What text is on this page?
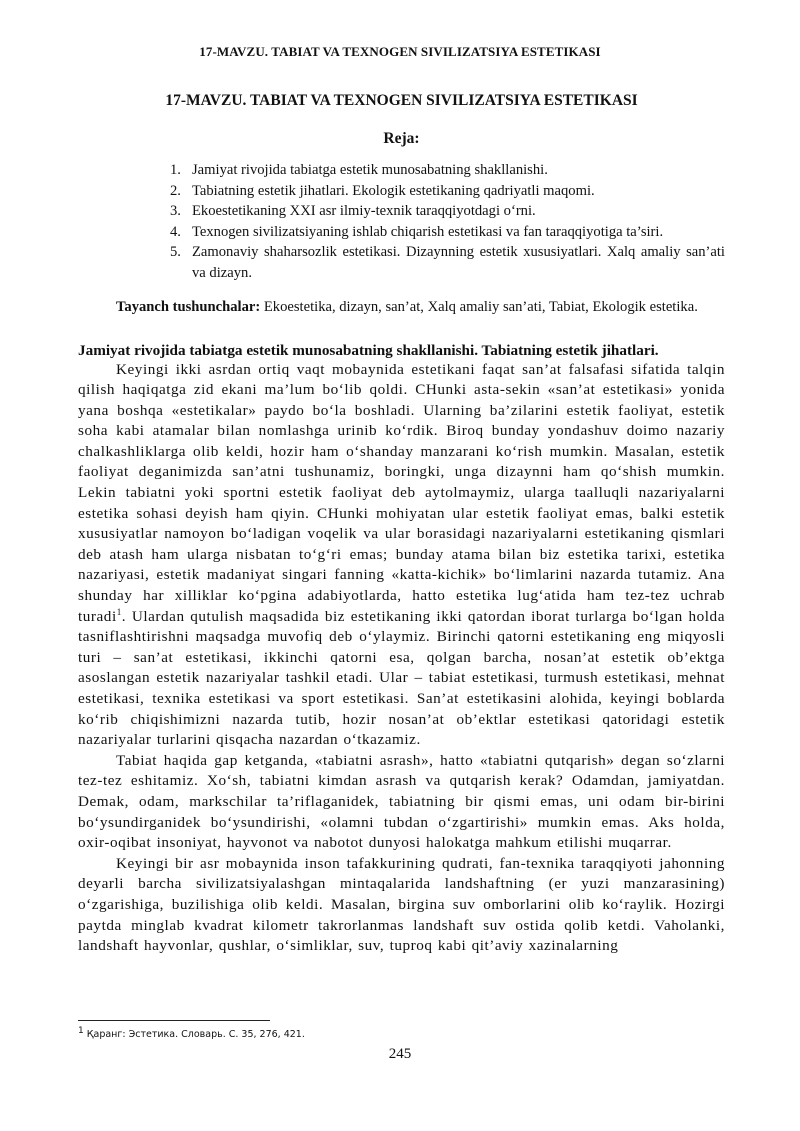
17-MAVZU. TABIAT VA TEXNOGEN SIVILIZATSIYA ESTETIKASI
17-MAVZU. TABIAT VA TEXNOGEN SIVILIZATSIYA ESTETIKASI
Reja:
1. Jamiyat rivojida tabiatga estetik munosabatning shakllanishi.
2. Tabiatning estetik jihatlari. Ekologik estetikaning qadriyatli maqomi.
3. Ekoestetikaning XXI asr ilmiy-texnik taraqqiyotdagi o‘rni.
4. Texnogen sivilizatsiyaning ishlab chiqarish estetikasi va fan taraqqiyotiga ta’siri.
5. Zamonaviy shaharsozlik estetikasi. Dizaynning estetik xususiyatlari. Xalq amaliy san’ati va dizayn.

Tayanch tushunchalar: Ekoestetika, dizayn, san’at, Xalq amaliy san’ati, Tabiat, Ekologik estetika.

Jamiyat rivojida tabiatga estetik munosabatning shakllanishi. Tabiatning estetik jihatlari.

Keyingi ikki asrdan ortiq vaqt mobaynida estetikani faqat san’at falsafasi sifatida talqin qilish haqiqatga zid ekani ma’lum bo‘lib qoldi. CHunki asta-sekin «san’at estetikasi» yonida yana boshqa «estetikalar» paydo bo‘la boshladi. Ularning ba’zilarini estetik faoliyat, estetik soha kabi atamalar bilan nomlashga urinib ko‘rdik. Biroq bunday yondashuv doimo nazariy chalkashliklarga olib keldi, hozir ham o‘shanday manzarani ko‘rish mumkin. Masalan, estetik faoliyat deganimizda san’atni tushunamiz, boringki, unga dizaynni ham qo‘shish mumkin. Lekin tabiatni yoki sportni estetik faoliyat deb aytolmaymiz, ularga taalluqli nazariyalarni estetika sohasi deyish ham qiyin. CHunki mohiyatan ular estetik faoliyat emas, balki estetik xususiyatlar namoyon bo‘ladigan voqelik va ular borasidagi nazariyalarni estetikaning qismlari deb atash ham ularga nisbatan to‘g‘ri emas; bunday atama bilan biz estetika tarixi, estetika nazariyasi, estetik madaniyat singari fanning «katta-kichik» bo‘limlarini nazarda tutamiz. Ana shunday har xilliklar ko‘pgina adabiyotlarda, hatto estetika lug‘atida ham tez-tez uchrab turadi$^1$. Ulardan qutulish maqsadida biz estetikaning ikki qatordan iborat turlarga bo‘lgan holda tasniflashtirishni maqsadga muvofiq deb o‘ylaymiz. Birinchi qatorni estetikaning eng miqyosli turi – san’at estetikasi, ikkinchi qatorni esa, qolgan barcha, nosan’at estetik ob’ektga asoslangan estetik nazariyalar tashkil etadi. Ular – tabiat estetikasi, turmush estetikasi, mehnat estetikasi, texnika estetikasi va sport estetikasi. San’at estetikasini alohida, keyingi boblarda ko‘rib chiqishimizni nazarda tutib, hozir nosan’at ob’ektlar estetikasi qatoridagi estetik nazariyalar turlarini qisqacha nazardan o‘tkazamiz.

Tabiat haqida gap ketganda, «tabiatni asrash», hatto «tabiatni qutqarish» degan so‘zlarni tez-tez eshitamiz. Xo‘sh, tabiatni kimdan asrash va qutqarish kerak? Odamdan, jamiyatdan. Demak, odam, markschilar ta’riflaganidek, tabiatning bir qismi emas, uni odam bir-birini bo‘ysundirganidek bo‘ysundirishi, «olamni tubdan o‘zgartirishi» mumkin emas. Aks holda, oxir-oqibat insoniyat, hayvonot va nabotot dunyosi halokatga mahkum etilishi muqarrar.

Keyingi bir asr mobaynida inson tafakkurining qudrati, fan-texnika taraqqiyoti jahonning deyarli barcha sivilizatsiyalashgan mintaqalarida landshaftning (er yuzi manzarasining) o‘zgarishiga, buzilishiga olib keldi. Masalan, birgina suv omborlarini olib ko‘raylik. Hozirgi paytda minglab kvadrat kilometr takrorlanmas landshaft suv ostida qolib ketdi. Vaholanki, landshaft hayvonlar, qushlar, o‘simliklar, suv, tuproq kabi qit’aviy xazinalarning

$^1$ Қаранг: Эстетика. Словарь. С. 35, 276, 421.
245
